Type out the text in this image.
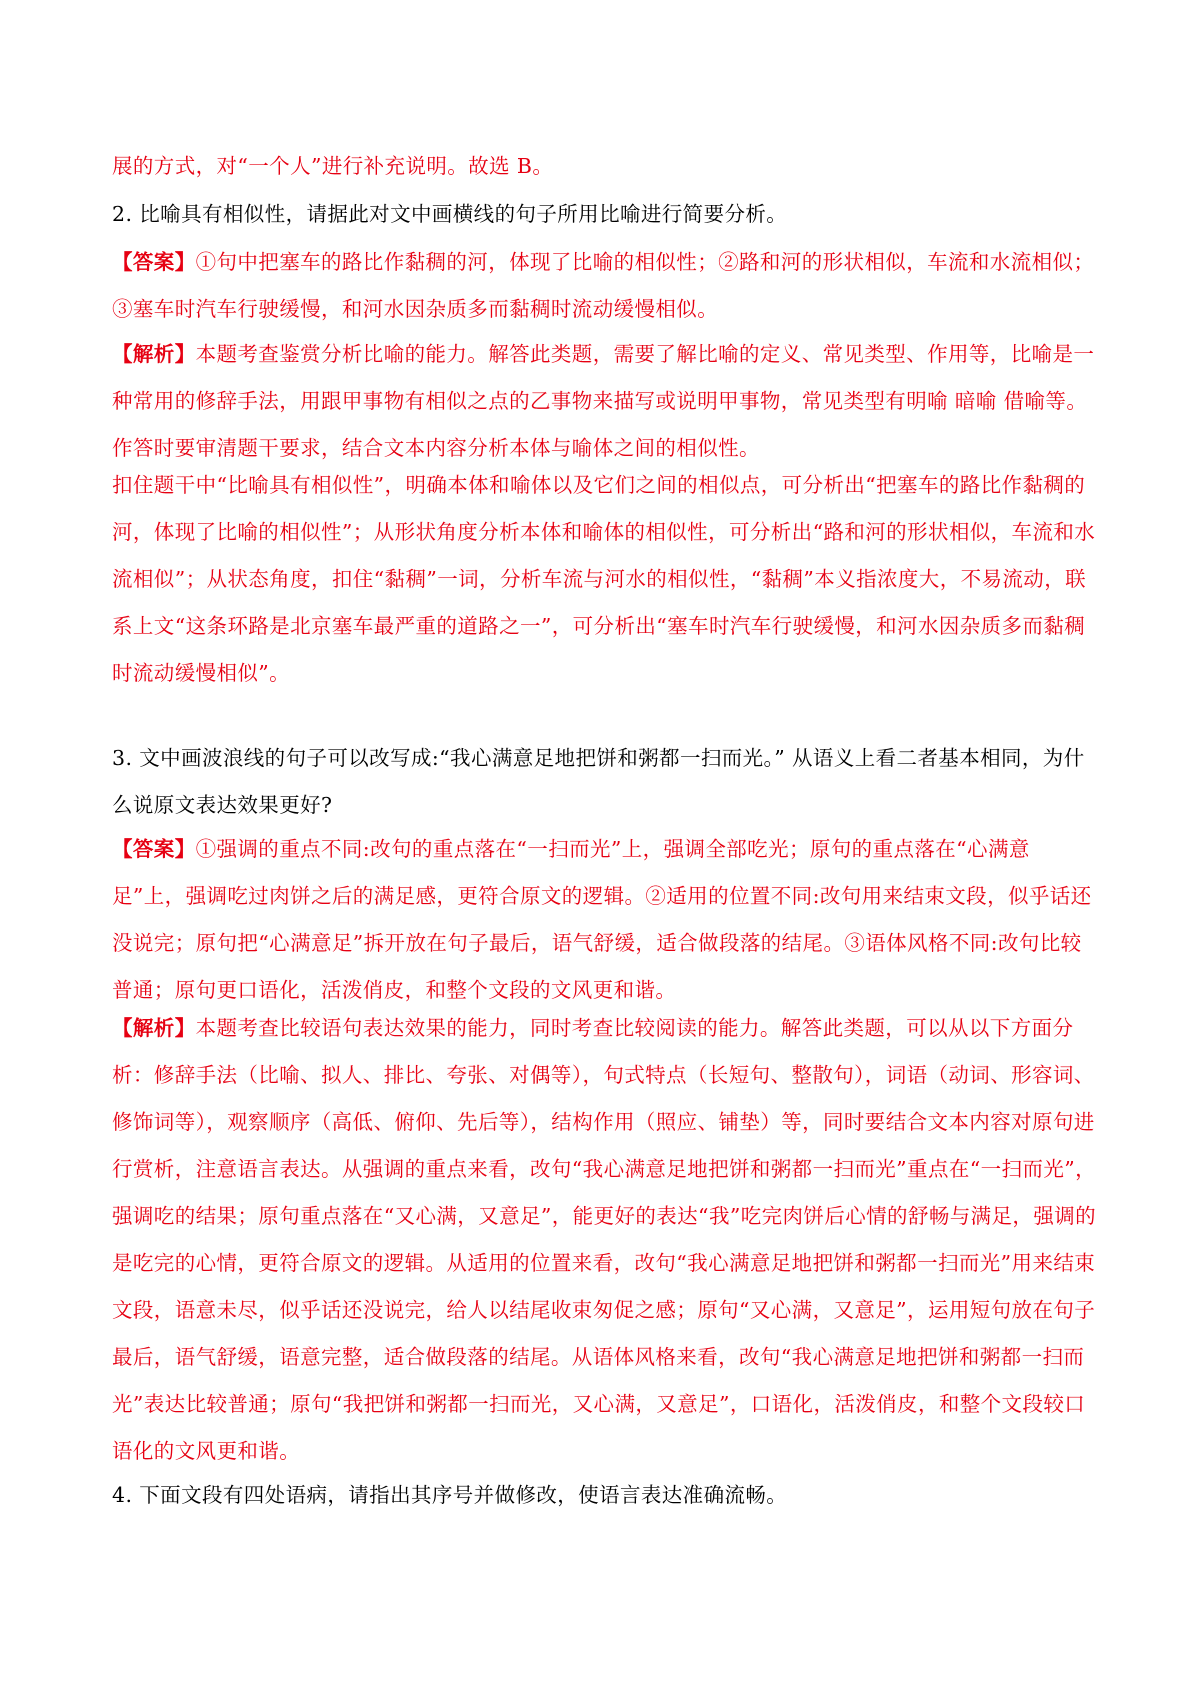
展的方式，对“一个人”进行补充说明。故选 B。
2. 比喻具有相似性，请据此对文中画横线的句子所用比喻进行简要分析。
【答案】①句中把塞车的路比作黏稠的河，体现了比喻的相似性；②路和河的形状相似，车流和水流相似；③塞车时汽车行驶缓慢，和河水因杂质多而黏稠时流动缓慢相似。
【解析】本题考查鉴赏分析比喻的能力。解答此类题，需要了解比喻的定义、常见类型、作用等，比喻是一种常用的修辞手法，用跟甲事物有相似之点的乙事物来描写或说明甲事物，常见类型有明喻 暗喻 借喻等。作答时要审清题干要求，结合文本内容分析本体与喻体之间的相似性。
扣住题干中“比喻具有相似性”，明确本体和喻体以及它们之间的相似点，可分析出“把塞车的路比作黏稠的河，体现了比喻的相似性”；从形状角度分析本体和喻体的相似性，可分析出“路和河的形状相似，车流和水流相似”；从状态角度，扣住“黏稠”一词，分析车流与河水的相似性，“黏稠”本义指浓度大，不易流动，联系上文“这条环路是北京塞车最严重的道路之一”，可分析出“塞车时汽车行驶缓慢，和河水因杂质多而黏稠时流动缓慢相似”。
3. 文中画波浪线的句子可以改写成:“我心满意足地把饼和粥都一扫而光。” 从语义上看二者基本相同，为什么说原文表达效果更好?
【答案】①强调的重点不同:改句的重点落在“一扫而光”上，强调全部吃光；原句的重点落在“心满意足”上，强调吃过肉饼之后的满足感，更符合原文的逻辑。②适用的位置不同:改句用来结束文段，似乎话还没说完；原句把“心满意足”拆开放在句子最后，语气舒缓，适合做段落的结尾。③语体风格不同:改句比较普通；原句更口语化，活泼俏皮，和整个文段的文风更和谐。
【解析】本题考查比较语句表达效果的能力，同时考查比较阅读的能力。解答此类题，可以从以下方面分析：修辞手法（比喻、拟人、排比、夸张、对偶等），句式特点（长短句、整散句），词语（动词、形容词、修饰词等），观察顺序（高低、俯仰、先后等），结构作用（照应、铺垫）等，同时要结合文本内容对原句进行赏析，注意语言表达。从强调的重点来看，改句“我心满意足地把饼和粥都一扫而光”重点在“一扫而光”，强调吃的结果；原句重点落在“又心满，又意足”，能更好的表达“我”吃完肉饼后心情的舒畅与满足，强调的是吃完的心情，更符合原文的逻辑。从适用的位置来看，改句“我心满意足地把饼和粥都一扫而光”用来结束文段，语意未尽，似乎话还没说完，给人以结尾收束匆促之感；原句“又心满，又意足”，运用短句放在句子最后，语气舒缓，语意完整，适合做段落的结尾。从语体风格来看，改句“我心满意足地把饼和粥都一扫而光”表达比较普通；原句“我把饼和粥都一扫而光，又心满，又意足”，口语化，活泼俏皮，和整个文段较口语化的文风更和谐。
4. 下面文段有四处语病，请指出其序号并做修改，使语言表达准确流畅。
